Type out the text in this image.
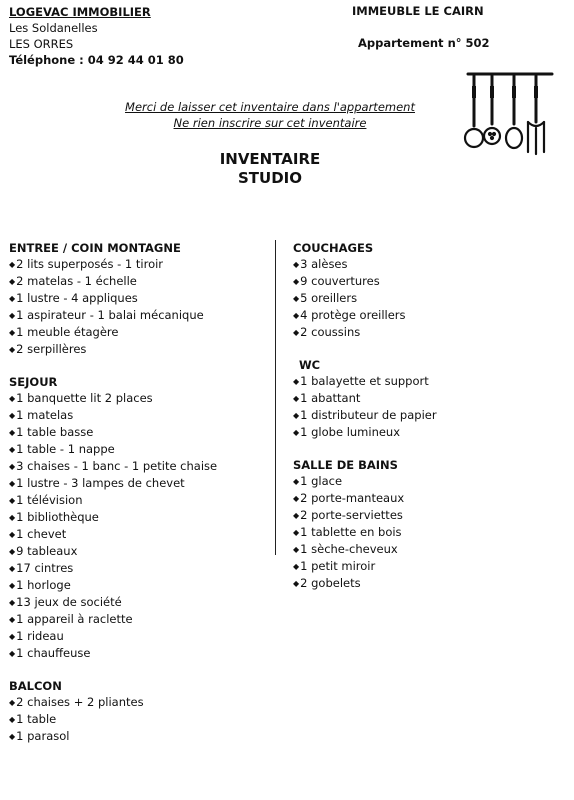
LOGEVAC IMMOBILIER
Les Soldanelles
LES ORRES
Téléphone : 04 92 44 01 80
IMMEUBLE LE CAIRN
Appartement n° 502
Merci de laisser cet inventaire dans l'appartement
Ne rien inscrire sur cet inventaire
INVENTAIRE
STUDIO
ENTREE / COIN MONTAGNE
◆2 lits superposés - 1 tiroir
◆2 matelas - 1 échelle
◆1 lustre - 4 appliques
◆1 aspirateur - 1 balai mécanique
◆1 meuble étagère
◆2 serpillères
SEJOUR
◆1 banquette lit 2 places
◆1 matelas
◆1 table basse
◆1 table - 1 nappe
◆3 chaises - 1 banc - 1 petite chaise
◆1 lustre - 3 lampes de chevet
◆1 télévision
◆1 bibliothèque
◆1 chevet
◆9 tableaux
◆17 cintres
◆1 horloge
◆13 jeux de société
◆1 appareil à raclette
◆1 rideau
◆1 chauffeuse
BALCON
◆2 chaises + 2 pliantes
◆1 table
◆1 parasol
COUCHAGES
◆3 alèses
◆9 couvertures
◆5 oreillers
◆4 protège oreillers
◆2 coussins
WC
◆1 balayette et support
◆1 abattant
◆1 distributeur de papier
◆1 globe lumineux
SALLE DE BAINS
◆1 glace
◆2 porte-manteaux
◆2 porte-serviettes
◆1 tablette en bois
◆1 sèche-cheveux
◆1 petit miroir
◆2 gobelets
